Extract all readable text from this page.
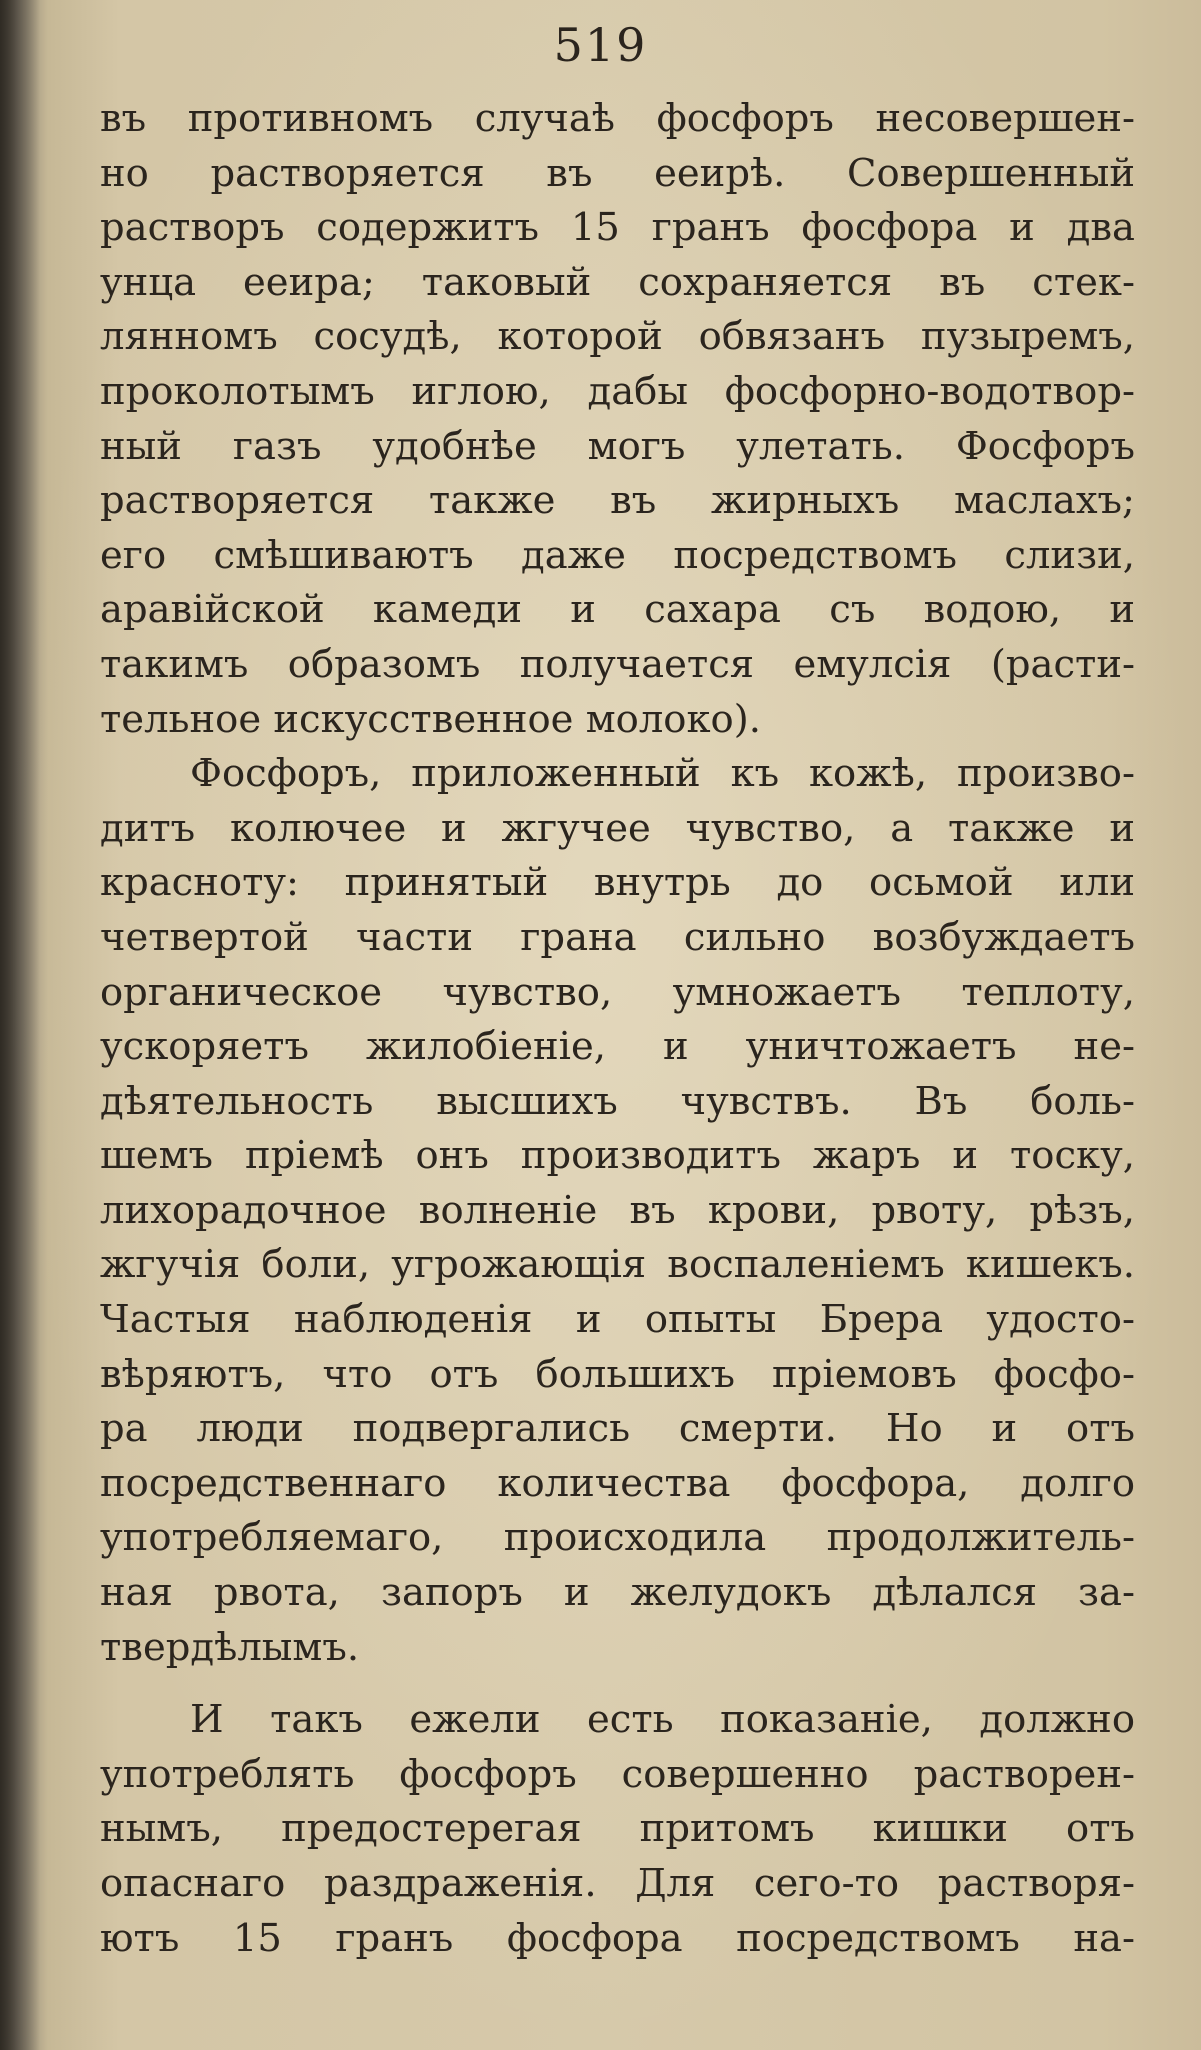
519
въ противномъ случаѣ фосфоръ несовершен-
но растворяется въ ееирѣ. Совершенный
растворъ содержитъ 15 гранъ фосфора и два
унца ееира; таковый сохраняется въ стек-
лянномъ сосудѣ, которой обвязанъ пузыремъ,
проколотымъ иглою, дабы фосфорно-водотвор-
ный газъ удобнѣе могъ улетать. Фосфоръ
растворяется также въ жирныхъ маслахъ;
его смѣшиваютъ даже посредствомъ слизи,
аравійской камеди и сахара съ водою, и
такимъ образомъ получается емулсія (расти-
тельное искусственное молоко).
Фосфоръ, приложенный къ кожѣ, произво-
дитъ колючее и жгучее чувство, а также и
красноту: принятый внутрь до осьмой или
четвертой части грана сильно возбуждаетъ
органическое чувство, умножаетъ теплоту,
ускоряетъ жилобіеніе, и уничтожаетъ не-
дѣятельность высшихъ чувствъ. Въ боль-
шемъ пріемѣ онъ производитъ жаръ и тоску,
лихорадочное волненіе въ крови, рвоту, рѣзъ,
жгучія боли, угрожающія воспаленіемъ кишекъ.
Частыя наблюденія и опыты Брера удосто-
вѣряютъ, что отъ большихъ пріемовъ фосфо-
ра люди подвергались смерти. Но и отъ
посредственнаго количества фосфора, долго
употребляемаго, происходила продолжитель-
ная рвота, запоръ и желудокъ дѣлался за-
твердѣлымъ.
И такъ ежели есть показаніе, должно
употреблять фосфоръ совершенно растворен-
нымъ, предостерегая притомъ кишки отъ
опаснаго раздраженія. Для сего-то растворя-
ютъ 15 гранъ фосфора посредствомъ на-
